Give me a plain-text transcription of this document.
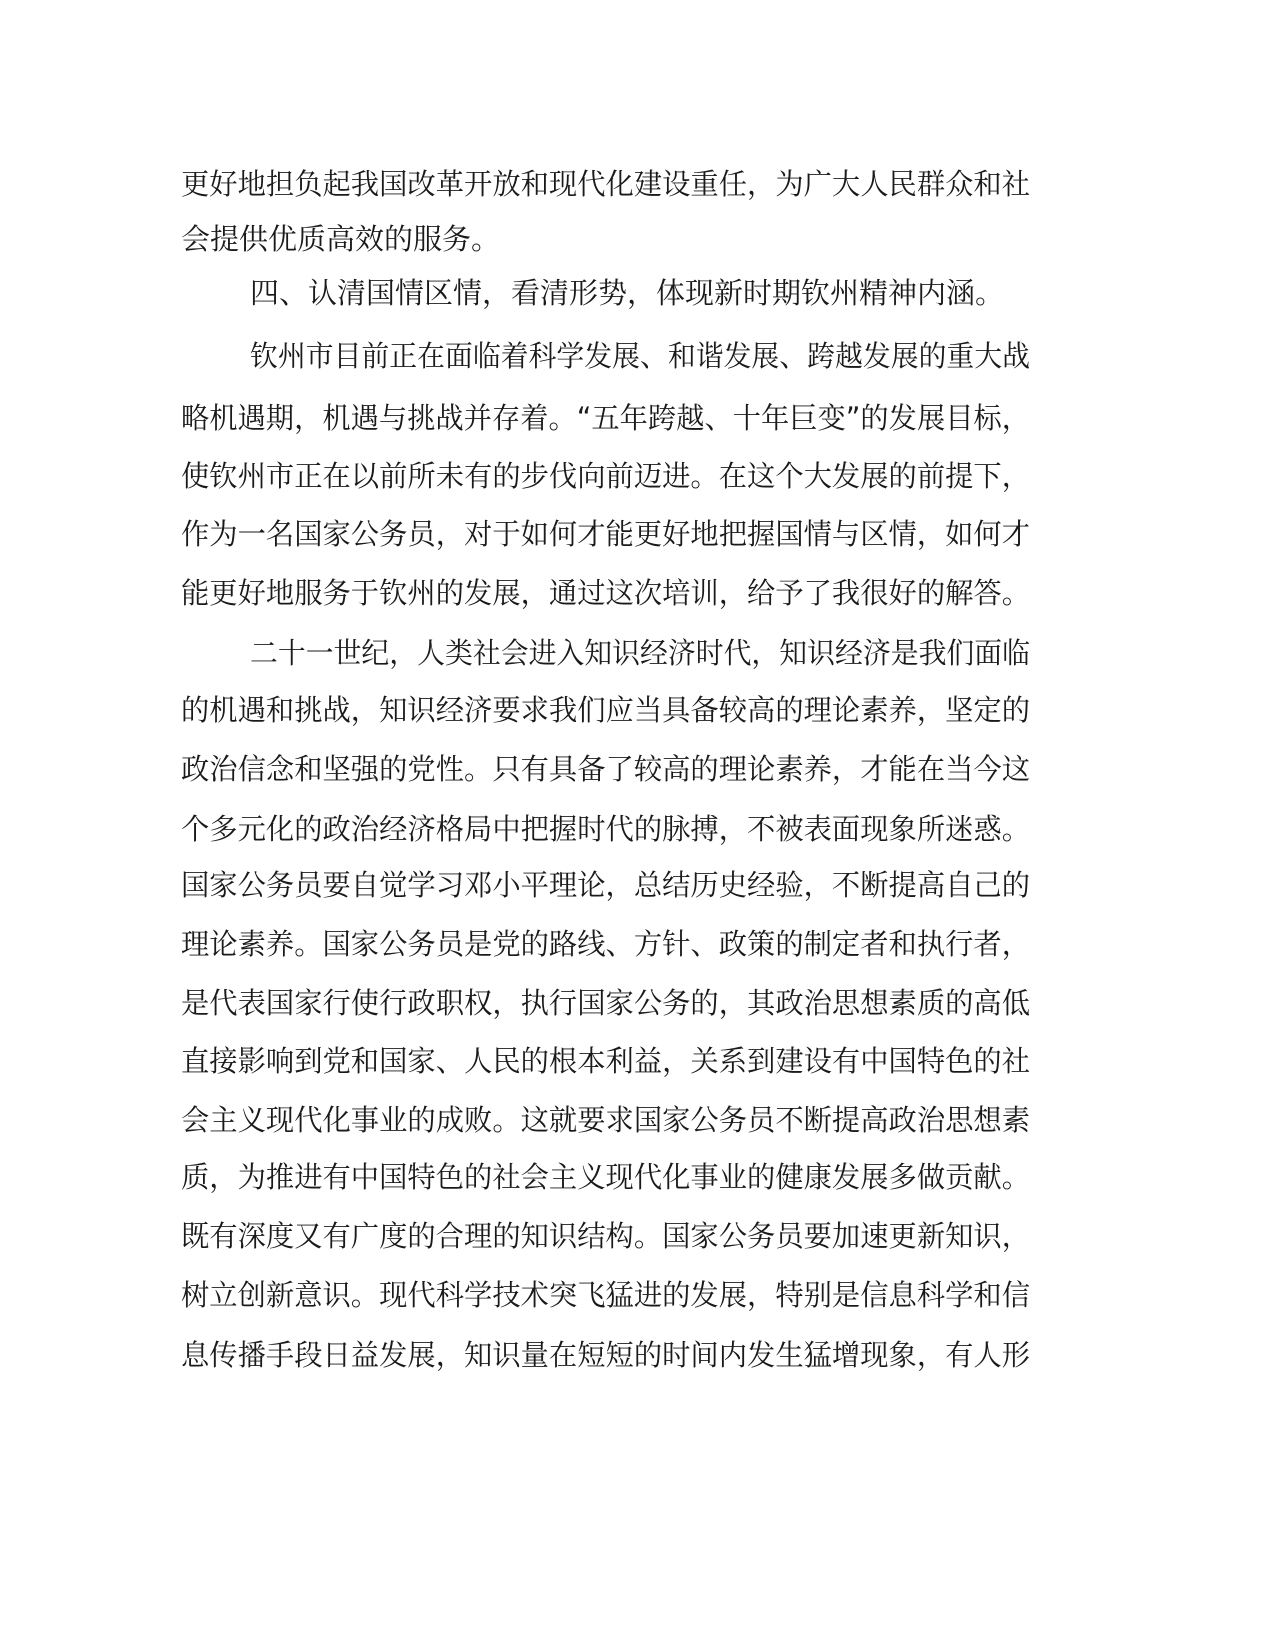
更好地担负起我国改革开放和现代化建设重任，为广大人民群众和社
会提供优质高效的服务。
四、认清国情区情，看清形势，体现新时期钦州精神内涵。
钦州市目前正在面临着科学发展、和谐发展、跨越发展的重大战
略机遇期，机遇与挑战并存着。“五年跨越、十年巨变”的发展目标，
使钦州市正在以前所未有的步伐向前迈进。在这个大发展的前提下，
作为一名国家公务员，对于如何才能更好地把握国情与区情，如何才
能更好地服务于钦州的发展，通过这次培训，给予了我很好的解答。
二十一世纪，人类社会进入知识经济时代，知识经济是我们面临
的机遇和挑战，知识经济要求我们应当具备较高的理论素养，坚定的
政治信念和坚强的党性。只有具备了较高的理论素养，才能在当今这
个多元化的政治经济格局中把握时代的脉搏，不被表面现象所迷惑。
国家公务员要自觉学习邓小平理论，总结历史经验，不断提高自己的
理论素养。国家公务员是党的路线、方针、政策的制定者和执行者，
是代表国家行使行政职权，执行国家公务的，其政治思想素质的高低
直接影响到党和国家、人民的根本利益，关系到建设有中国特色的社
会主义现代化事业的成败。这就要求国家公务员不断提高政治思想素
质，为推进有中国特色的社会主义现代化事业的健康发展多做贡献。
既有深度又有广度的合理的知识结构。国家公务员要加速更新知识，
树立创新意识。现代科学技术突飞猛进的发展，特别是信息科学和信
息传播手段日益发展，知识量在短短的时间内发生猛增现象，有人形
